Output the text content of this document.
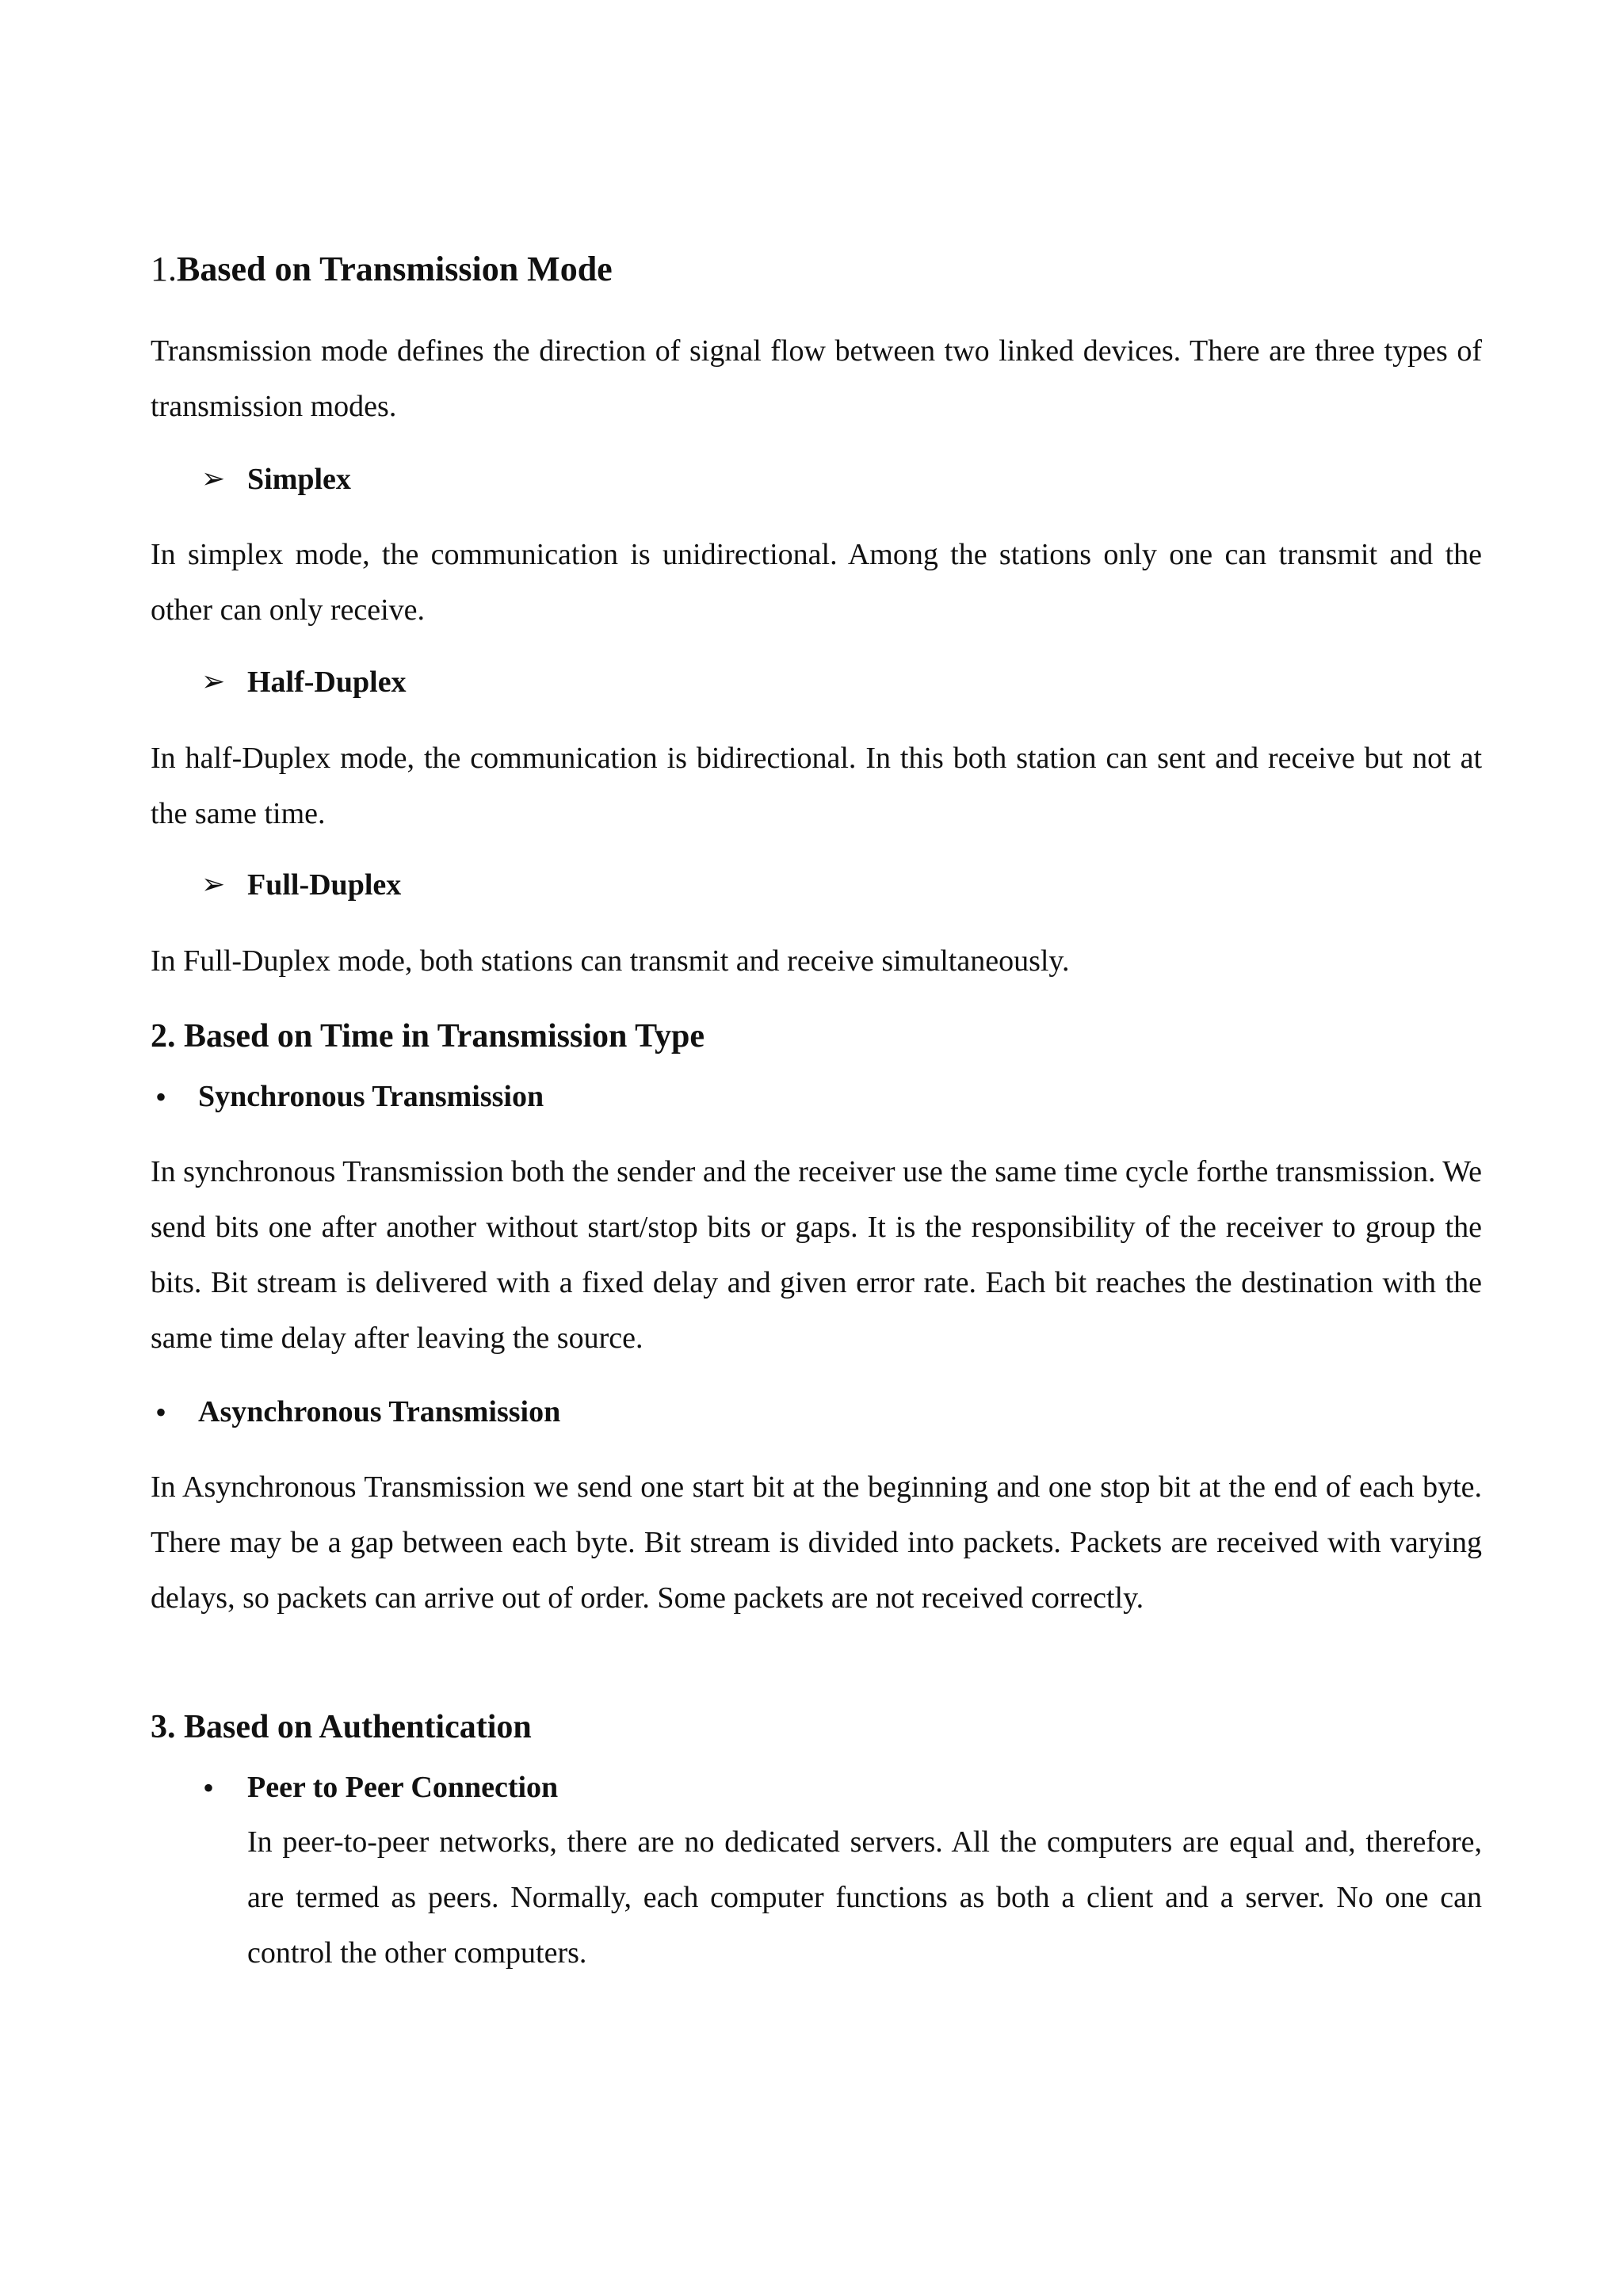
1.Based on Transmission Mode

Transmission mode defines the direction of signal flow between two linked devices. There are three types of transmission modes.

➢ Simplex

In simplex mode, the communication is unidirectional. Among the stations only one can transmit and the other can only receive.

➢ Half-Duplex

In half-Duplex mode, the communication is bidirectional. In this both station can sent and receive but not at the same time.

➢ Full-Duplex

In Full-Duplex mode, both stations can transmit and receive simultaneously.

2. Based on Time in Transmission Type
• Synchronous Transmission

In synchronous Transmission both the sender and the receiver use the same time cycle forthe transmission. We send bits one after another without start/stop bits or gaps. It is the responsibility of the receiver to group the bits. Bit stream is delivered with a fixed delay and given error rate. Each bit reaches the destination with the same time delay after leaving the source.

• Asynchronous Transmission

In Asynchronous Transmission we send one start bit at the beginning and one stop bit at the end of each byte. There may be a gap between each byte. Bit stream is divided into packets. Packets are received with varying delays, so packets can arrive out of order. Some packets are not received correctly.

3. Based on Authentication
• Peer to Peer Connection

In peer-to-peer networks, there are no dedicated servers. All the computers are equal and, therefore, are termed as peers. Normally, each computer functions as both a client and a server. No one can control the other computers.
